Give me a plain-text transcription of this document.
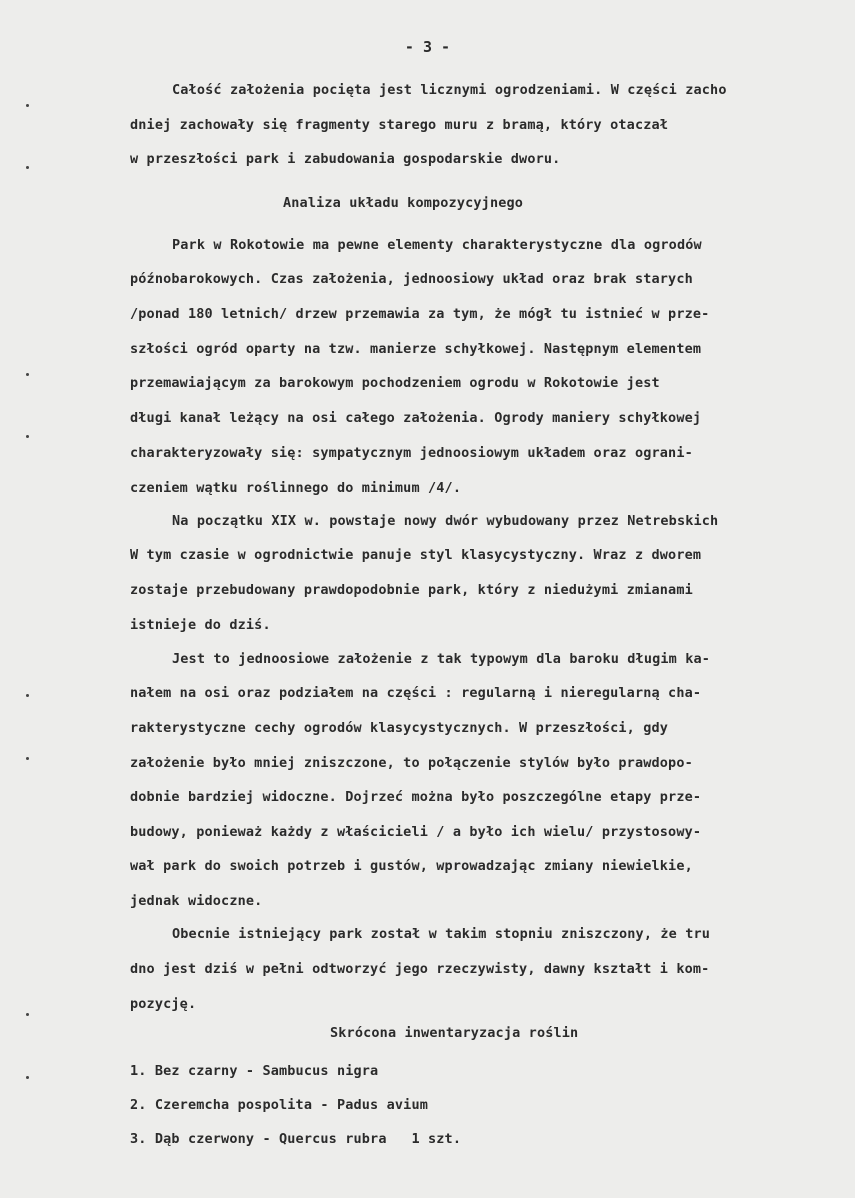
- 3 -
Całość założenia pocięta jest licznymi ogrodzeniami. W części zacho
dniej zachowały się fragmenty starego muru z bramą, który otaczał
w przeszłości park i zabudowania gospodarskie dworu.
Analiza układu kompozycyjnego
Park w Rokotowie ma pewne elementy charakterystyczne dla ogrodów
późnobarokowych. Czas założenia, jednoosiowy układ oraz brak starych
/ponad 180 letnich/ drzew przemawia za tym, że mógł tu istnieć w prze-
szłości ogród oparty na tzw. manierze schyłkowej. Następnym elementem
przemawiającym za barokowym pochodzeniem ogrodu w Rokotowie jest
długi kanał leżący na osi całego założenia. Ogrody maniery schyłkowej
charakteryzowały się: sympatycznym jednoosiowym układem oraz ograni-
czeniem wątku roślinnego do minimum /4/.
Na początku XIX w. powstaje nowy dwór wybudowany przez Netrebskich
W tym czasie w ogrodnictwie panuje styl klasycystyczny. Wraz z dworem
zostaje przebudowany prawdopodobnie park, który z niedużymi zmianami
istnieje do dziś.
Jest to jednoosiowe założenie z tak typowym dla baroku długim ka-
nałem na osi oraz podziałem na części : regularną i nieregularną cha-
rakterystyczne cechy ogrodów klasycystycznych. W przeszłości, gdy
założenie było mniej zniszczone, to połączenie stylów było prawdopo-
dobnie bardziej widoczne. Dojrzeć można było poszczególne etapy prze-
budowy, ponieważ każdy z właścicieli / a było ich wielu/ przystosowy-
wał park do swoich potrzeb i gustów, wprowadzając zmiany niewielkie,
jednak widoczne.
Obecnie istniejący park został w takim stopniu zniszczony, że tru
dno jest dziś w pełni odtworzyć jego rzeczywisty, dawny kształt i kom-
pozycję.
Skrócona inwentaryzacja roślin
1. Bez czarny - Sambucus nigra
2. Czeremcha pospolita - Padus avium
3. Dąb czerwony - Quercus rubra   1 szt.
